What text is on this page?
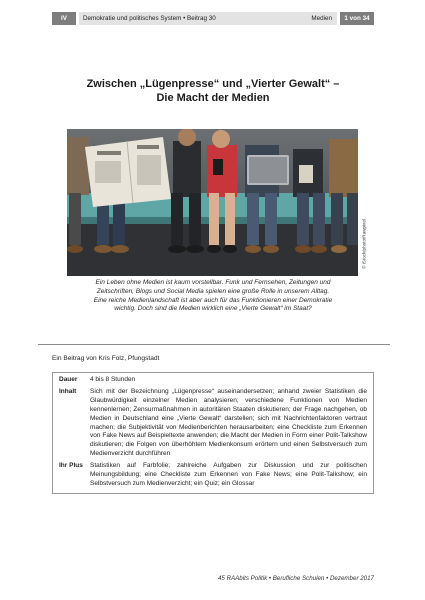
IV	Demokratie und politisches System • Beitrag 30	Medien	1 von 34
Zwischen „Lügenpresse“ und „Vierter Gewalt“ –
Die Macht der Medien
© iStock/phototRawpixel
Ein Leben ohne Medien ist kaum vorstellbar. Funk und Fernsehen, Zeitungen und
Zeitschriften, Blogs und Social Media spielen eine große Rolle in unserem Alltag.
Eine reiche Medienlandschaft ist aber auch für das Funktionieren einer Demokratie
wichtig. Doch sind die Medien wirklich eine „Vierte Gewalt“ im Staat?
Ein Beitrag von Kris Folz, Pfungstadt
Dauer	4 bis 8 Stunden
Inhalt	Sich mit der Bezeichnung „Lügenpresse“ auseinandersetzen; anhand zweier Statistiken die Glaubwürdigkeit einzelner Medien analysieren; verschiedene Funktionen von Medien kennenlernen; Zensurmaßnahmen in autoritären Staaten diskutieren; der Frage nachgehen, ob Medien in Deutschland eine „Vierte Gewalt“ darstellen; sich mit Nachrichtenfaktoren vertraut machen; die Subjektivität von Medienberichten herausarbeiten; eine Checkliste zum Erkennen von Fake News auf Beispieltexte anwenden; die Macht der Medien in Form einer Polit-Talkshow diskutieren; die Folgen von überhöhtem Medienkonsum erörtern und einen Selbstversuch zum Medienverzicht durchführen
Ihr Plus	Statistiken auf Farbfolie; zahlreiche Aufgaben zur Diskussion und zur politischen Meinungsbildung; eine Checkliste zum Erkennen von Fake News; eine Polit-Talkshow; ein Selbstversuch zum Medienverzicht; ein Quiz; ein Glossar
45 RAAbits Politik • Berufliche Schulen • Dezember 2017
